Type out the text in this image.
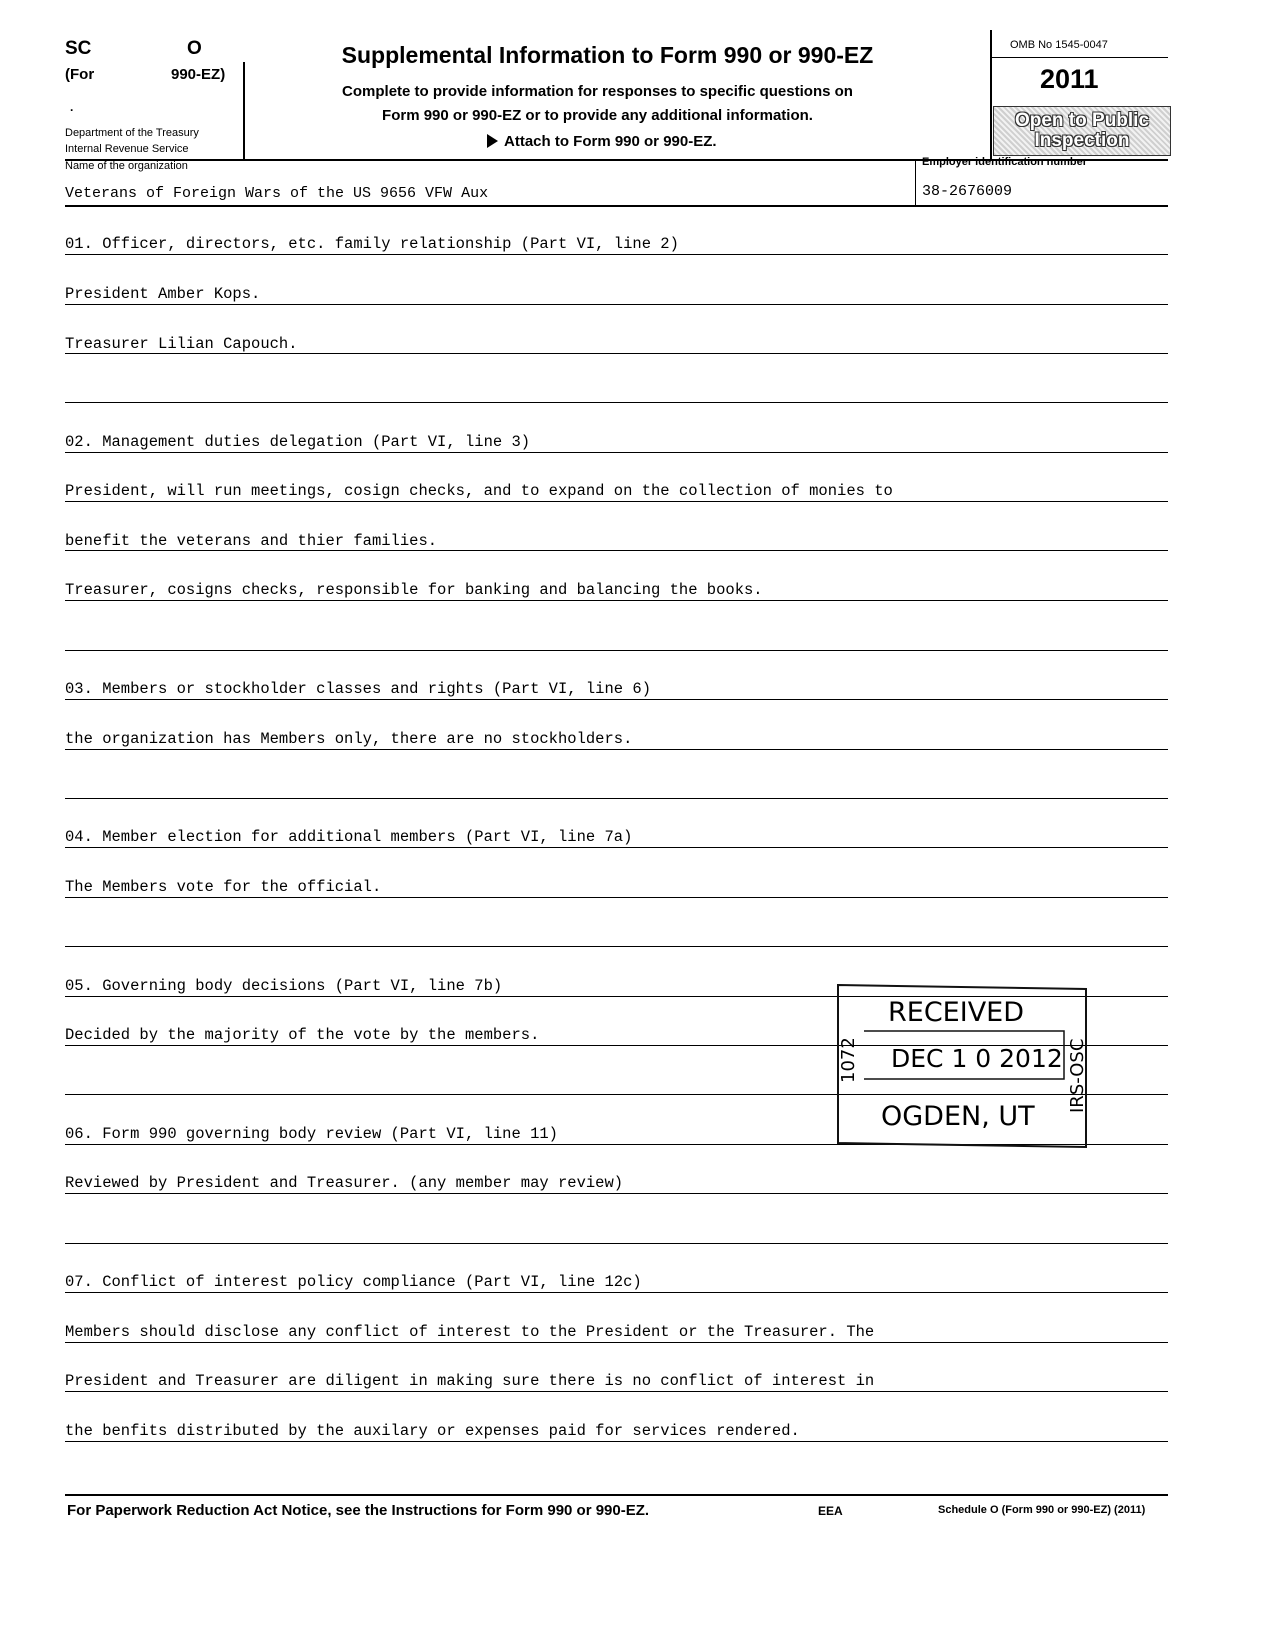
SC	O
(For	990-EZ)
.
Department of the Treasury
Internal Revenue Service
Supplemental Information to Form 990 or 990-EZ
Complete to provide information for responses to specific questions on
Form 990 or 990-EZ or to provide any additional information.
Attach to Form 990 or 990-EZ.
OMB No 1545-0047
2011
Open to Public
Inspection
Name of the organization	Employer identification number
Veterans of Foreign Wars of the US 9656 VFW Aux	38-2676009
01. Officer, directors, etc. family relationship (Part VI, line 2)
President Amber Kops.
Treasurer Lilian Capouch.
02. Management duties delegation (Part VI, line 3)
President, will run meetings, cosign checks, and to expand on the collection of monies to
benefit the veterans and thier families.
Treasurer, cosigns checks, responsible for banking and balancing the books.
03. Members or stockholder classes and rights (Part VI, line 6)
the organization has Members only, there are no stockholders.
04. Member election for additional members (Part VI, line 7a)
The Members vote for the official.
05. Governing body decisions (Part VI, line 7b)
Decided by the majority of the vote by the members.
06. Form 990 governing body review (Part VI, line 11)
Reviewed by President and Treasurer. (any member may review)
07. Conflict of interest policy compliance (Part VI, line 12c)
Members should disclose any conflict of interest to the President or the Treasurer. The
President and Treasurer are diligent in making sure there is no conflict of interest in
the benfits distributed by the auxilary or expenses paid for services rendered.
RECEIVED
DEC 1 0 2012
OGDEN, UT
1072	IRS-OSC
For Paperwork Reduction Act Notice, see the Instructions for Form 990 or 990-EZ.	EEA	Schedule O (Form 990 or 990-EZ) (2011)
